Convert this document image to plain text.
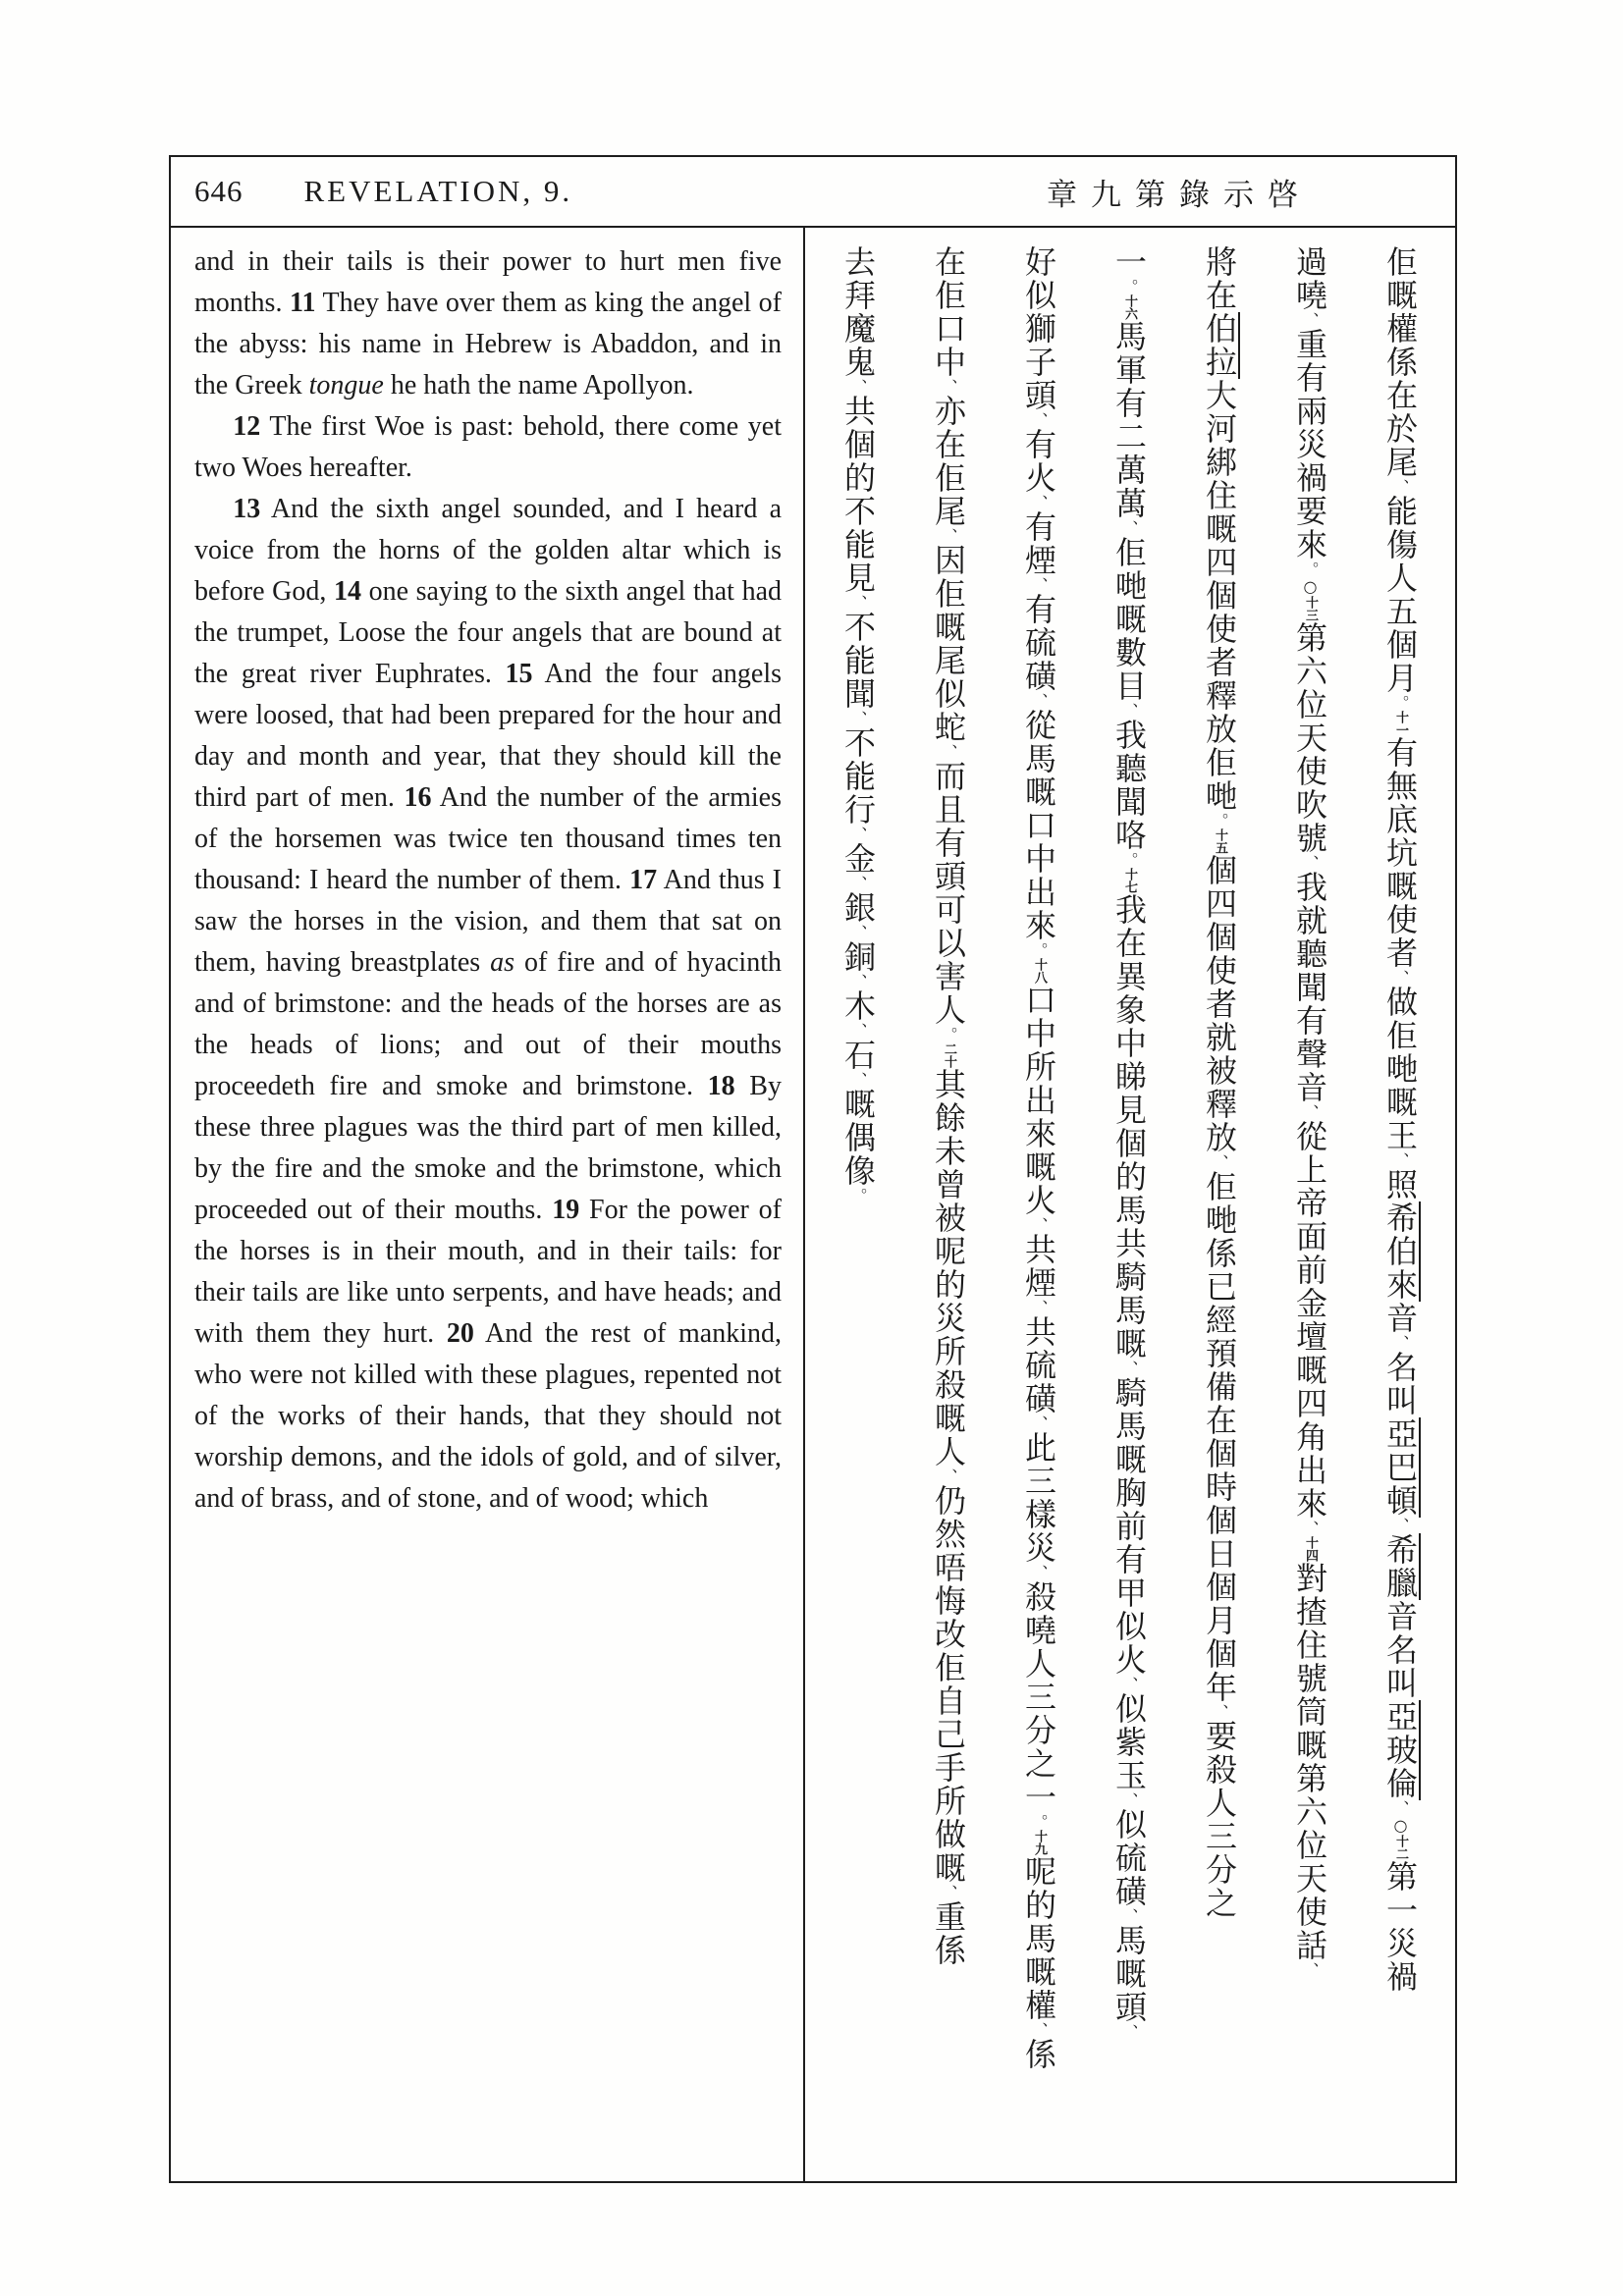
646 REVELATION, 9.	章九第錄示啓

and in their tails is their power to hurt men five months. 11 They have over them as king the angel of the abyss: his name in Hebrew is Abaddon, and in the Greek tongue he hath the name Apollyon.

12 The first Woe is past: behold, there come yet two Woes hereafter.

13 And the sixth angel sounded, and I heard a voice from the horns of the golden altar which is before God, 14 one saying to the sixth angel that had the trumpet, Loose the four angels that are bound at the great river Euphrates. 15 And the four angels were loosed, that had been prepared for the hour and day and month and year, that they should kill the third part of men. 16 And the number of the armies of the horsemen was twice ten thousand times ten thousand: I heard the number of them. 17 And thus I saw the horses in the vision, and them that sat on them, having breastplates as of fire and of hyacinth and of brimstone: and the heads of the horses are as the heads of lions; and out of their mouths proceedeth fire and smoke and brimstone. 18 By these three plagues was the third part of men killed, by the fire and the smoke and the brimstone, which proceeded out of their mouths. 19 For the power of the horses is in their mouth, and in their tails: for their tails are like unto serpents, and have heads; and with them they hurt. 20 And the rest of mankind, who were not killed with these plagues, repented not of the works of their hands, that they should not worship demons, and the idols of gold, and of silver, and of brass, and of stone, and of wood; which

佢嘅權係在於尾、能傷人五個月。十一有無底坑嘅使者、做佢哋嘅王、照希伯來音、名叫亞巴頓、希臘音名叫亞玻倫、○十二第一災禍
過嘵、重有兩災禍要來。○十三第六位天使吹號、我就聽聞有聲音、從上帝面前金壇嘅四角出來、十四對揸住號筒嘅第六位天使話、
將在伯拉大河綁住嘅四個使者釋放佢哋。十五個四個使者就被釋放、佢哋係已經預備在個時個日個月個年、要殺人三分之
一。十六馬軍有二萬萬、佢哋嘅數目、我聽聞咯。十七我在異象中睇見個的馬共騎馬嘅、騎馬嘅胸前有甲似火、似紫玉、似硫磺、馬嘅頭、
好似獅子頭、有火、有煙、有硫磺、從馬嘅口中出來。十八口中所出來嘅火、共煙、共硫磺、此三樣災、殺嘵人三分之一。十九呢的馬嘅權、係
在佢口中、亦在佢尾、因佢嘅尾似蛇、而且有頭可以害人。二十其餘未曾被呢的災所殺嘅人、仍然唔悔改佢自己手所做嘅、重係
去拜魔鬼、共個的不能見、不能聞、不能行、金、銀、銅、木、石、嘅偶像。
